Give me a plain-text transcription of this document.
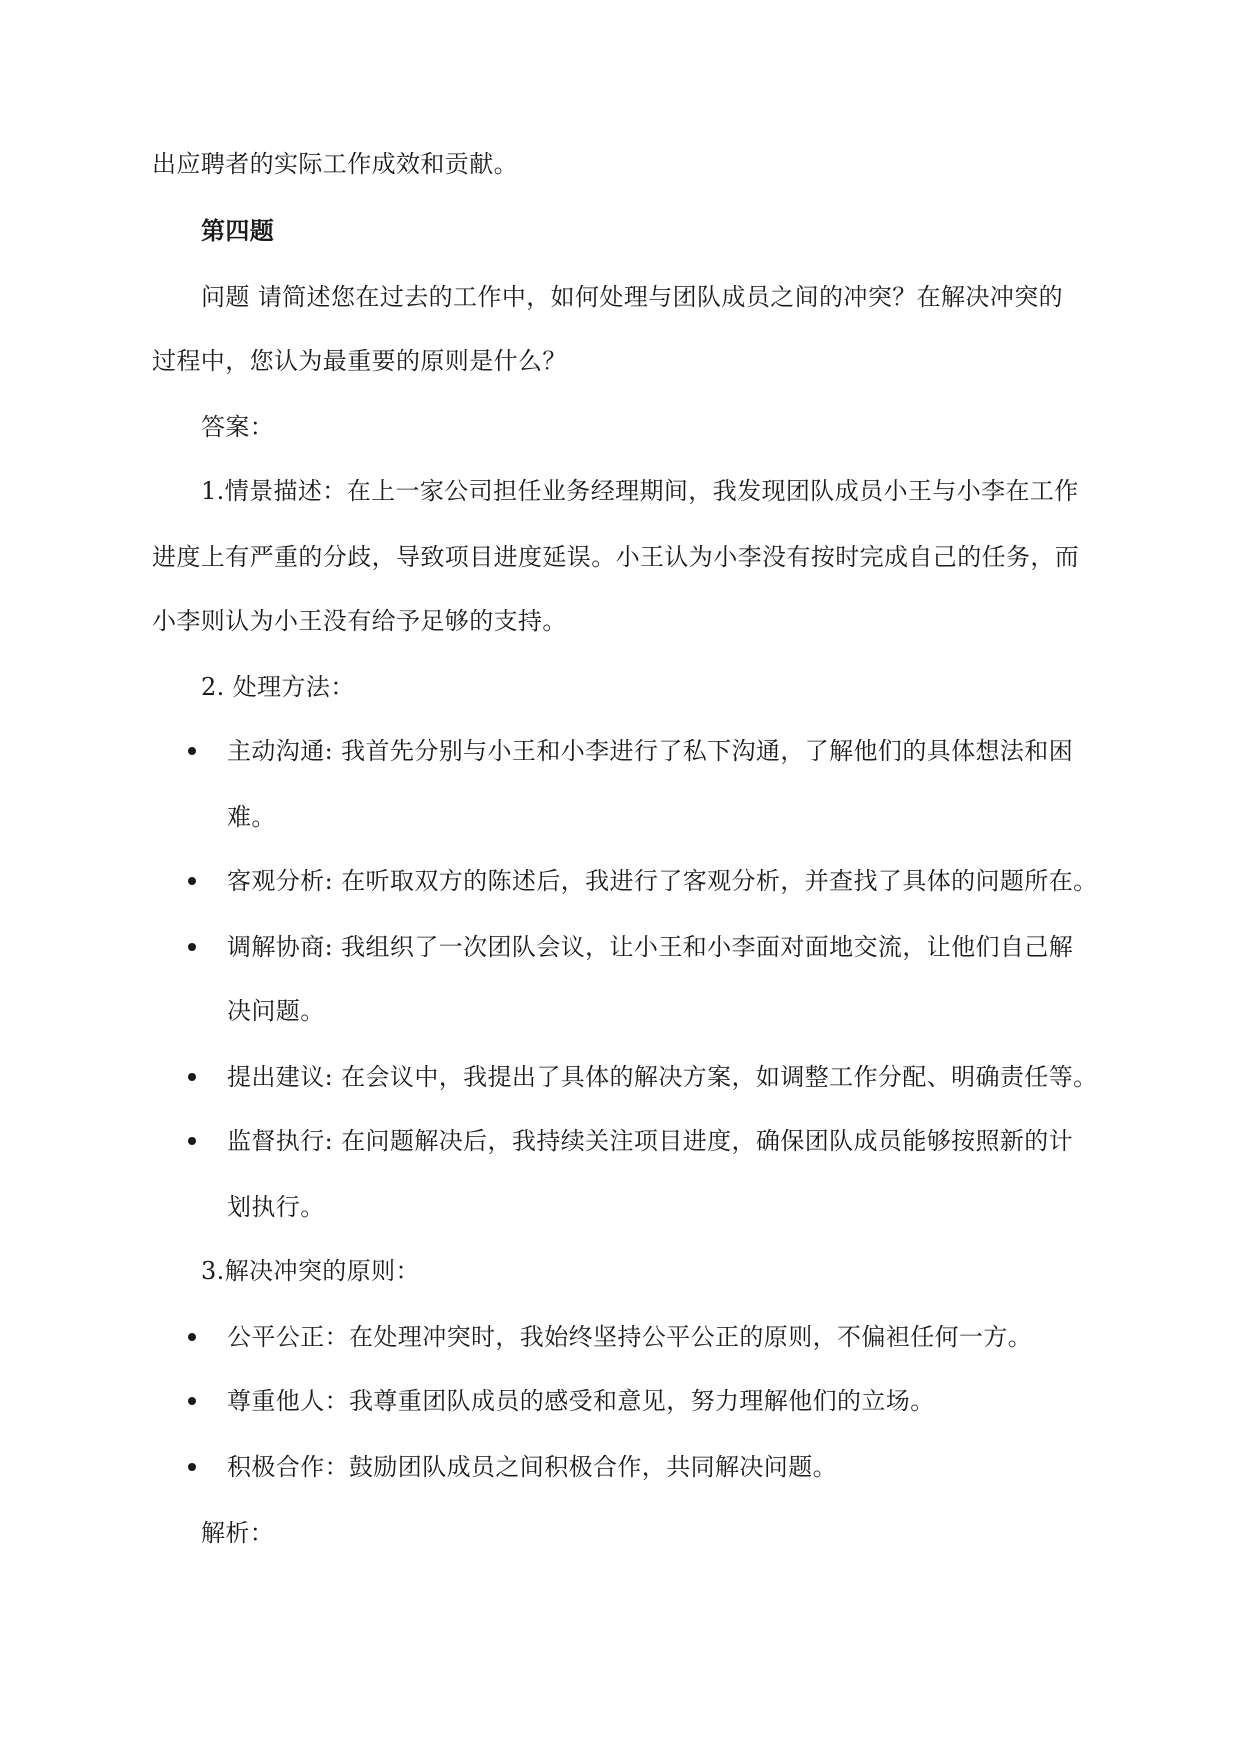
出应聘者的实际工作成效和贡献。
第四题
问题 请简述您在过去的工作中，如何处理与团队成员之间的冲突？在解决冲突的
过程中，您认为最重要的原则是什么？
答案：
1.情景描述：在上一家公司担任业务经理期间，我发现团队成员小王与小李在工作
进度上有严重的分歧，导致项目进度延误。小王认为小李没有按时完成自己的任务，而
小李则认为小王没有给予足够的支持。
2. 处理方法：
主动沟通: 我首先分别与小王和小李进行了私下沟通，了解他们的具体想法和困
难。
客观分析: 在听取双方的陈述后，我进行了客观分析，并查找了具体的问题所在。
调解协商: 我组织了一次团队会议，让小王和小李面对面地交流，让他们自己解
决问题。
提出建议: 在会议中，我提出了具体的解决方案，如调整工作分配、明确责任等。
监督执行: 在问题解决后，我持续关注项目进度，确保团队成员能够按照新的计
划执行。
3.解决冲突的原则：
公平公正：在处理冲突时，我始终坚持公平公正的原则，不偏袒任何一方。
尊重他人：我尊重团队成员的感受和意见，努力理解他们的立场。
积极合作：鼓励团队成员之间积极合作，共同解决问题。
解析：
